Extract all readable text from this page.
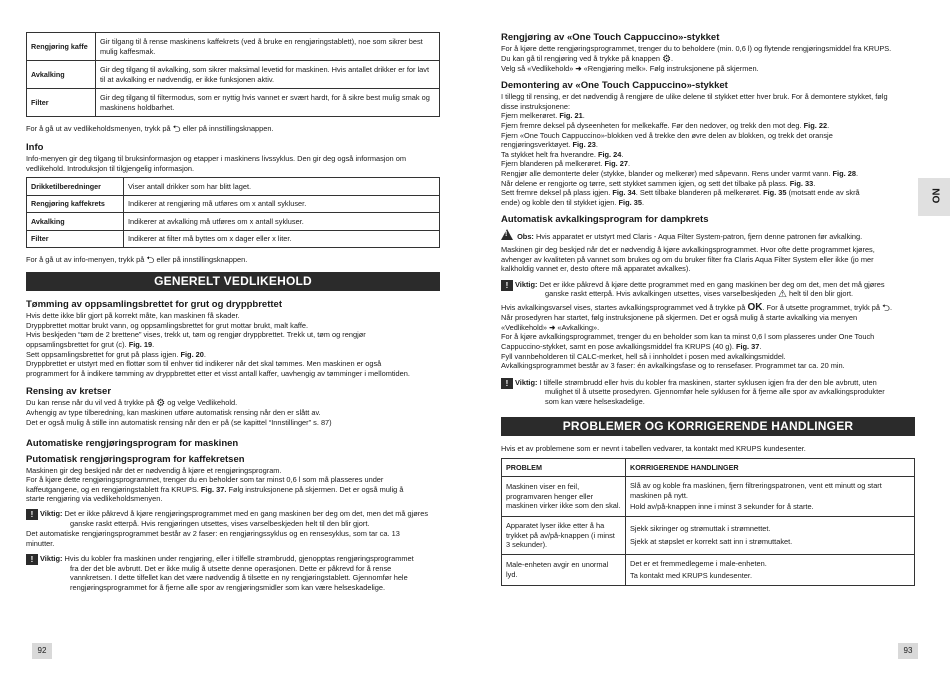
Rengjøring kaffe	Gir tilgang til å rense maskinens kaffekrets (ved å bruke en rengjøringstablett), noe som sikrer best mulig kaffesmak.
Avkalking	Gir deg tilgang til avkalking, som sikrer maksimal levetid for maskinen. Hvis antallet drikker er for lavt til at avkalking er nødvendig, er ikke funksjonen aktiv.
Filter	Gir deg tilgang til filtermodus, som er nyttig hvis vannet er svært hardt, for å sikre best mulig smak og maskinens holdbarhet.
For å gå ut av vedlikeholdsmenyen, trykk på ⮌ eller på innstillingsknappen.
Info
Info-menyen gir deg tilgang til bruksinformasjon og etapper i maskinens livssyklus. Den gir deg også informasjon om
vedlikehold. Introduksjon til tilgjengelig informasjon.
Drikketilberedninger	Viser antall drikker som har blitt laget.
Rengjøring kaffekrets	Indikerer at rengjøring må utføres om x antall sykluser.
Avkalking	Indikerer at avkalking må utføres om x antall sykluser.
Filter	Indikerer at filter må byttes om x dager eller x liter.
For å gå ut av info-menyen, trykk på ⮌ eller på innstillingsknappen.
GENERELT VEDLIKEHOLD
Tømming av oppsamlingsbrettet for grut og dryppbrettet
Hvis dette ikke blir gjort på korrekt måte, kan maskinen få skader.
Dryppbrettet mottar brukt vann, og oppsamlingsbrettet for grut mottar brukt, malt kaffe.
Hvis beskjeden “tøm de 2 brettene” vises, trekk ut, tøm og rengjør dryppbrettet. Trekk ut, tøm og rengjør
oppsamlingsbrettet for grut (c). Fig. 19.
Sett oppsamlingsbrettet for grut på plass igjen. Fig. 20.
Dryppbrettet er utstyrt med en flottør som til enhver tid indikerer når det skal tømmes. Men maskinen er også
programmert for å indikere tømming av dryppbrettet etter et visst antall kaffer, uavhengig av tømminger i mellomtiden.
Rensing av kretser
Du kan rense når du vil ved å trykke på ⚙ og velge Vedlikehold.
Avhengig av type tilberedning, kan maskinen utføre automatisk rensing når den er slått av.
Det er også mulig å stille inn automatisk rensing når den er på (se kapittel “Innstillinger” s. 87)
Automatiske rengjøringsprogram for maskinen
Putomatisk rengjøringsprogram for kaffekretsen
Maskinen gir deg beskjed når det er nødvendig å kjøre et rengjøringsprogram.
For å kjøre dette rengjøringsprogrammet, trenger du en beholder som tar minst 0,6 l som må plasseres under
kaffeutgangene, og en rengjøringstablett fra KRUPS. Fig. 37. Følg instruksjonene på skjermen. Det er også mulig å
starte rengjøring via vedlikeholdsmenyen.
! Viktig: Det er ikke påkrevd å kjøre rengjøringsprogrammet med en gang maskinen ber deg om det, men det må gjøres
ganske raskt etterpå. Hvis rengjøringen utsettes, vises varselbeskjeden helt til den blir gjort.
Det automatiske rengjøringsprogrammet består av 2 faser: en rengjøringssyklus og en rensesyklus, som tar ca. 13
minutter.
! Viktig: Hvis du kobler fra maskinen under rengjøring, eller i tilfelle strømbrudd, gjenopptas rengjøringsprogrammet
fra der det ble avbrutt. Det er ikke mulig å utsette denne operasjonen. Dette er påkrevd for å rense
vannkretsen. I dette tilfellet kan det være nødvendig å tilsette en ny rengjøringstablett. Gjennomfør hele
rengjøringsprogrammet for å fjerne alle spor av rengjøringsmidler som kan være helseskadelige.
92
Rengjøring av «One Touch Cappuccino»-stykket
For å kjøre dette rengjøringsprogrammet, trenger du to beholdere (min. 0,6 l) og flytende rengjøringsmiddel fra KRUPS.
Du kan gå til rengjøring ved å trykke på knappen ⚙.
Velg så «Vedlikehold» ➜ «Rengjøring melk». Følg instruksjonene på skjermen.
Demontering av «One Touch Cappuccino»-stykket
I tillegg til rensing, er det nødvendig å rengjøre de ulike delene til stykket etter hver bruk. For å demontere stykket, følg
disse instruksjonene:
Fjern melkerøret. Fig. 21.
Fjern fremre deksel på dyseenheten for melkekaffe. Før den nedover, og trekk den mot deg. Fig. 22.
Fjern «One Touch Cappuccino»-blokken ved å trekke den øvre delen av blokken, og trekk det oransje
rengjøringsverktøyet. Fig. 23.
Ta stykket helt fra hverandre. Fig. 24.
Fjern blanderen på melkerøret. Fig. 27.
Rengjør alle demonterte deler (stykke, blander og melkerør) med såpevann. Rens under varmt vann. Fig. 28.
Når delene er rengjorte og tørre, sett stykket sammen igjen, og sett det tilbake på plass. Fig. 33.
Sett fremre deksel på plass igjen. Fig. 34. Sett tilbake blanderen på melkerøret. Fig. 35 (motsatt ende av skrå
ende) og koble den til stykket igjen. Fig. 35.
Automatisk avkalkingsprogram for dampkrets
! Obs: Hvis apparatet er utstyrt med Claris - Aqua Filter System-patron, fjern denne patronen før avkalking.
Maskinen gir deg beskjed når det er nødvendig å kjøre avkalkingsprogrammet. Hvor ofte dette programmet kjøres,
avhenger av kvaliteten på vannet som brukes og om du bruker filter fra Claris Aqua Filter System eller ikke (jo mer
kalkholdig vannet er, desto oftere må apparatet avkalkes).
! Viktig: Det er ikke påkrevd å kjøre dette programmet med en gang maskinen ber deg om det, men det må gjøres
ganske raskt etterpå. Hvis avkalkingen utsettes, vises varselbeskjeden ⚠ helt til den blir gjort.
Hvis avkalkingsvarsel vises, startes avkalkingsprogrammet ved å trykke på OK. For å utsette programmet, trykk på ⮌.
Når prosedyren har startet, følg instruksjonene på skjermen. Det er også mulig å starte avkalking via menyen
«Vedlikehold» ➜ «Avkalking».
For å kjøre avkalkingsprogrammet, trenger du en beholder som kan ta minst 0,6 l som plasseres under One Touch
Cappuccino-stykket, samt en pose avkalkingsmiddel fra KRUPS (40 g). Fig. 37.
Fyll vannbeholderen til CALC-merket, hell så i innholdet i posen med avkalkingsmiddel.
Avkalkingsprogrammet består av 3 faser: én avkalkingsfase og to rensefaser. Programmet tar ca. 20 min.
! Viktig: I tilfelle strømbrudd eller hvis du kobler fra maskinen, starter syklusen igjen fra der den ble avbrutt, uten
mulighet til å utsette prosedyren. Gjennomfør hele syklusen for å fjerne alle spor av avkalkingsprodukter
som kan være helseskadelige.
PROBLEMER OG KORRIGERENDE HANDLINGER
Hvis et av problemene som er nevnt i tabellen vedvarer, ta kontakt med KRUPS kundesenter.
PROBLEM	KORRIGERENDE HANDLINGER
Maskinen viser en feil, programvaren henger eller maskinen virker ikke som den skal.	Slå av og koble fra maskinen, fjern filtreringspatronen, vent ett minutt og start maskinen på nytt.
Hold av/på-knappen inne i minst 3 sekunder for å starte.

Apparatet lyser ikke etter å ha trykket på av/på-knappen (i minst 3 sekunder).	Sjekk sikringer og strømuttak i strømnettet.
Sjekk at støpslet er korrekt satt inn i strømuttaket.

Male-enheten avgir en unormal lyd.	Det er et fremmedlegeme i male-enheten.
Ta kontakt med KRUPS kundesenter.
93
NO
